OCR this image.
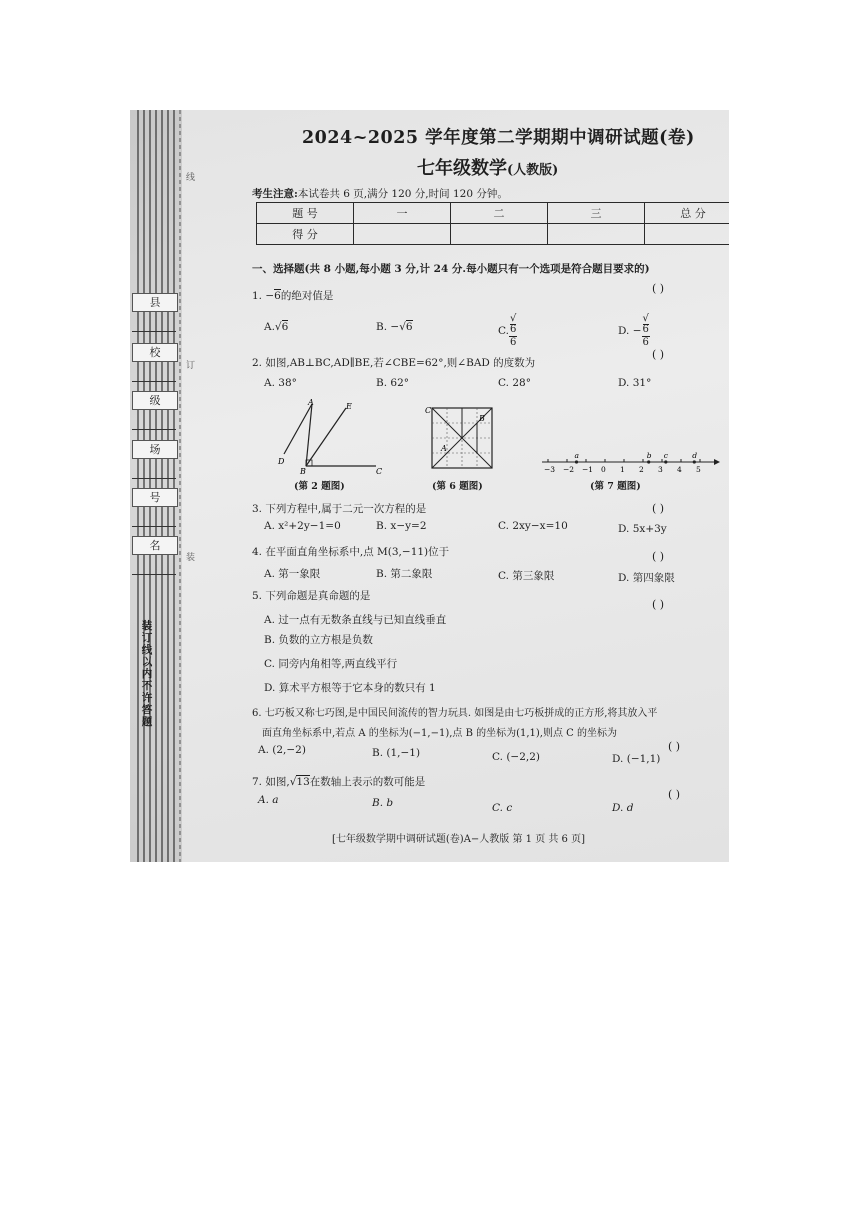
县
校
级
场
号
名
装订线以内不许答题
线
订
装
2024~2025 学年度第二学期期中调研试题(卷)
七年级数学(人教版)
考生注意:本试卷共 6 页,满分 120 分,时间 120 分钟。
题 号	一	二	三	总 分
得 分				
一、选择题(共 8 小题,每小题 3 分,计 24 分.每小题只有一个选项是符合题目要求的)
1. −6的绝对值是
( )
A.√6	B. −√6	C. √
6
6	D. − √
6
6
2. 如图,AB⊥BC,AD∥BE,若∠CBE=62°,则∠BAD 的度数为
( )
A. 38°	B. 62°	C. 28°	D. 31°
A	E
D
B	C
(第 2 题图)
C
B
A
(第 6 题图)
−3 −2 −1 0 1 2 3 4 5
a	b c	d
(第 7 题图)
3. 下列方程中,属于二元一次方程的是	( )
A. x²+2y−1=0	B. x−y=2	C. 2xy−x=10	D. 5x+3y
4. 在平面直角坐标系中,点 M(3,−11)位于	( )
A. 第一象限	B. 第二象限	C. 第三象限	D. 第四象限
5. 下列命题是真命题的是
( )
A. 过一点有无数条直线与已知直线垂直
B. 负数的立方根是负数
C. 同旁内角相等,两直线平行
D. 算术平方根等于它本身的数只有 1
6. 七巧板又称七巧图,是中国民间流传的智力玩具. 如图是由七巧板拼成的正方形,将其放入平
面直角坐标系中,若点 A 的坐标为(−1,−1),点 B 的坐标为(1,1),则点 C 的坐标为
( )
A. (2,−2)	B. (1,−1)	C. (−2,2)	D. (−1,1)
7. 如图,√13在数轴上表示的数可能是
( )
A. a	B. b	C. c	D. d
[七年级数学期中调研试题(卷)A−人教版 第 1 页 共 6 页]
